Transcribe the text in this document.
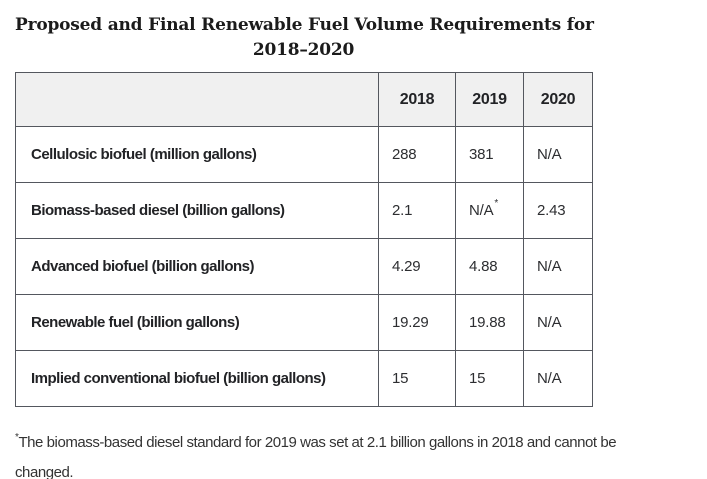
Proposed and Final Renewable Fuel Volume Requirements for
2018–2020
	2018	2019	2020
Cellulosic biofuel (million gallons)	288	381	N/A
Biomass-based diesel (billion gallons)	2.1	N/A*	2.43
Advanced biofuel (billion gallons)	4.29	4.88	N/A
Renewable fuel (billion gallons)	19.29	19.88	N/A
Implied conventional biofuel (billion gallons)	15	15	N/A

*The biomass-based diesel standard for 2019 was set at 2.1 billion gallons in 2018 and cannot be
changed.
